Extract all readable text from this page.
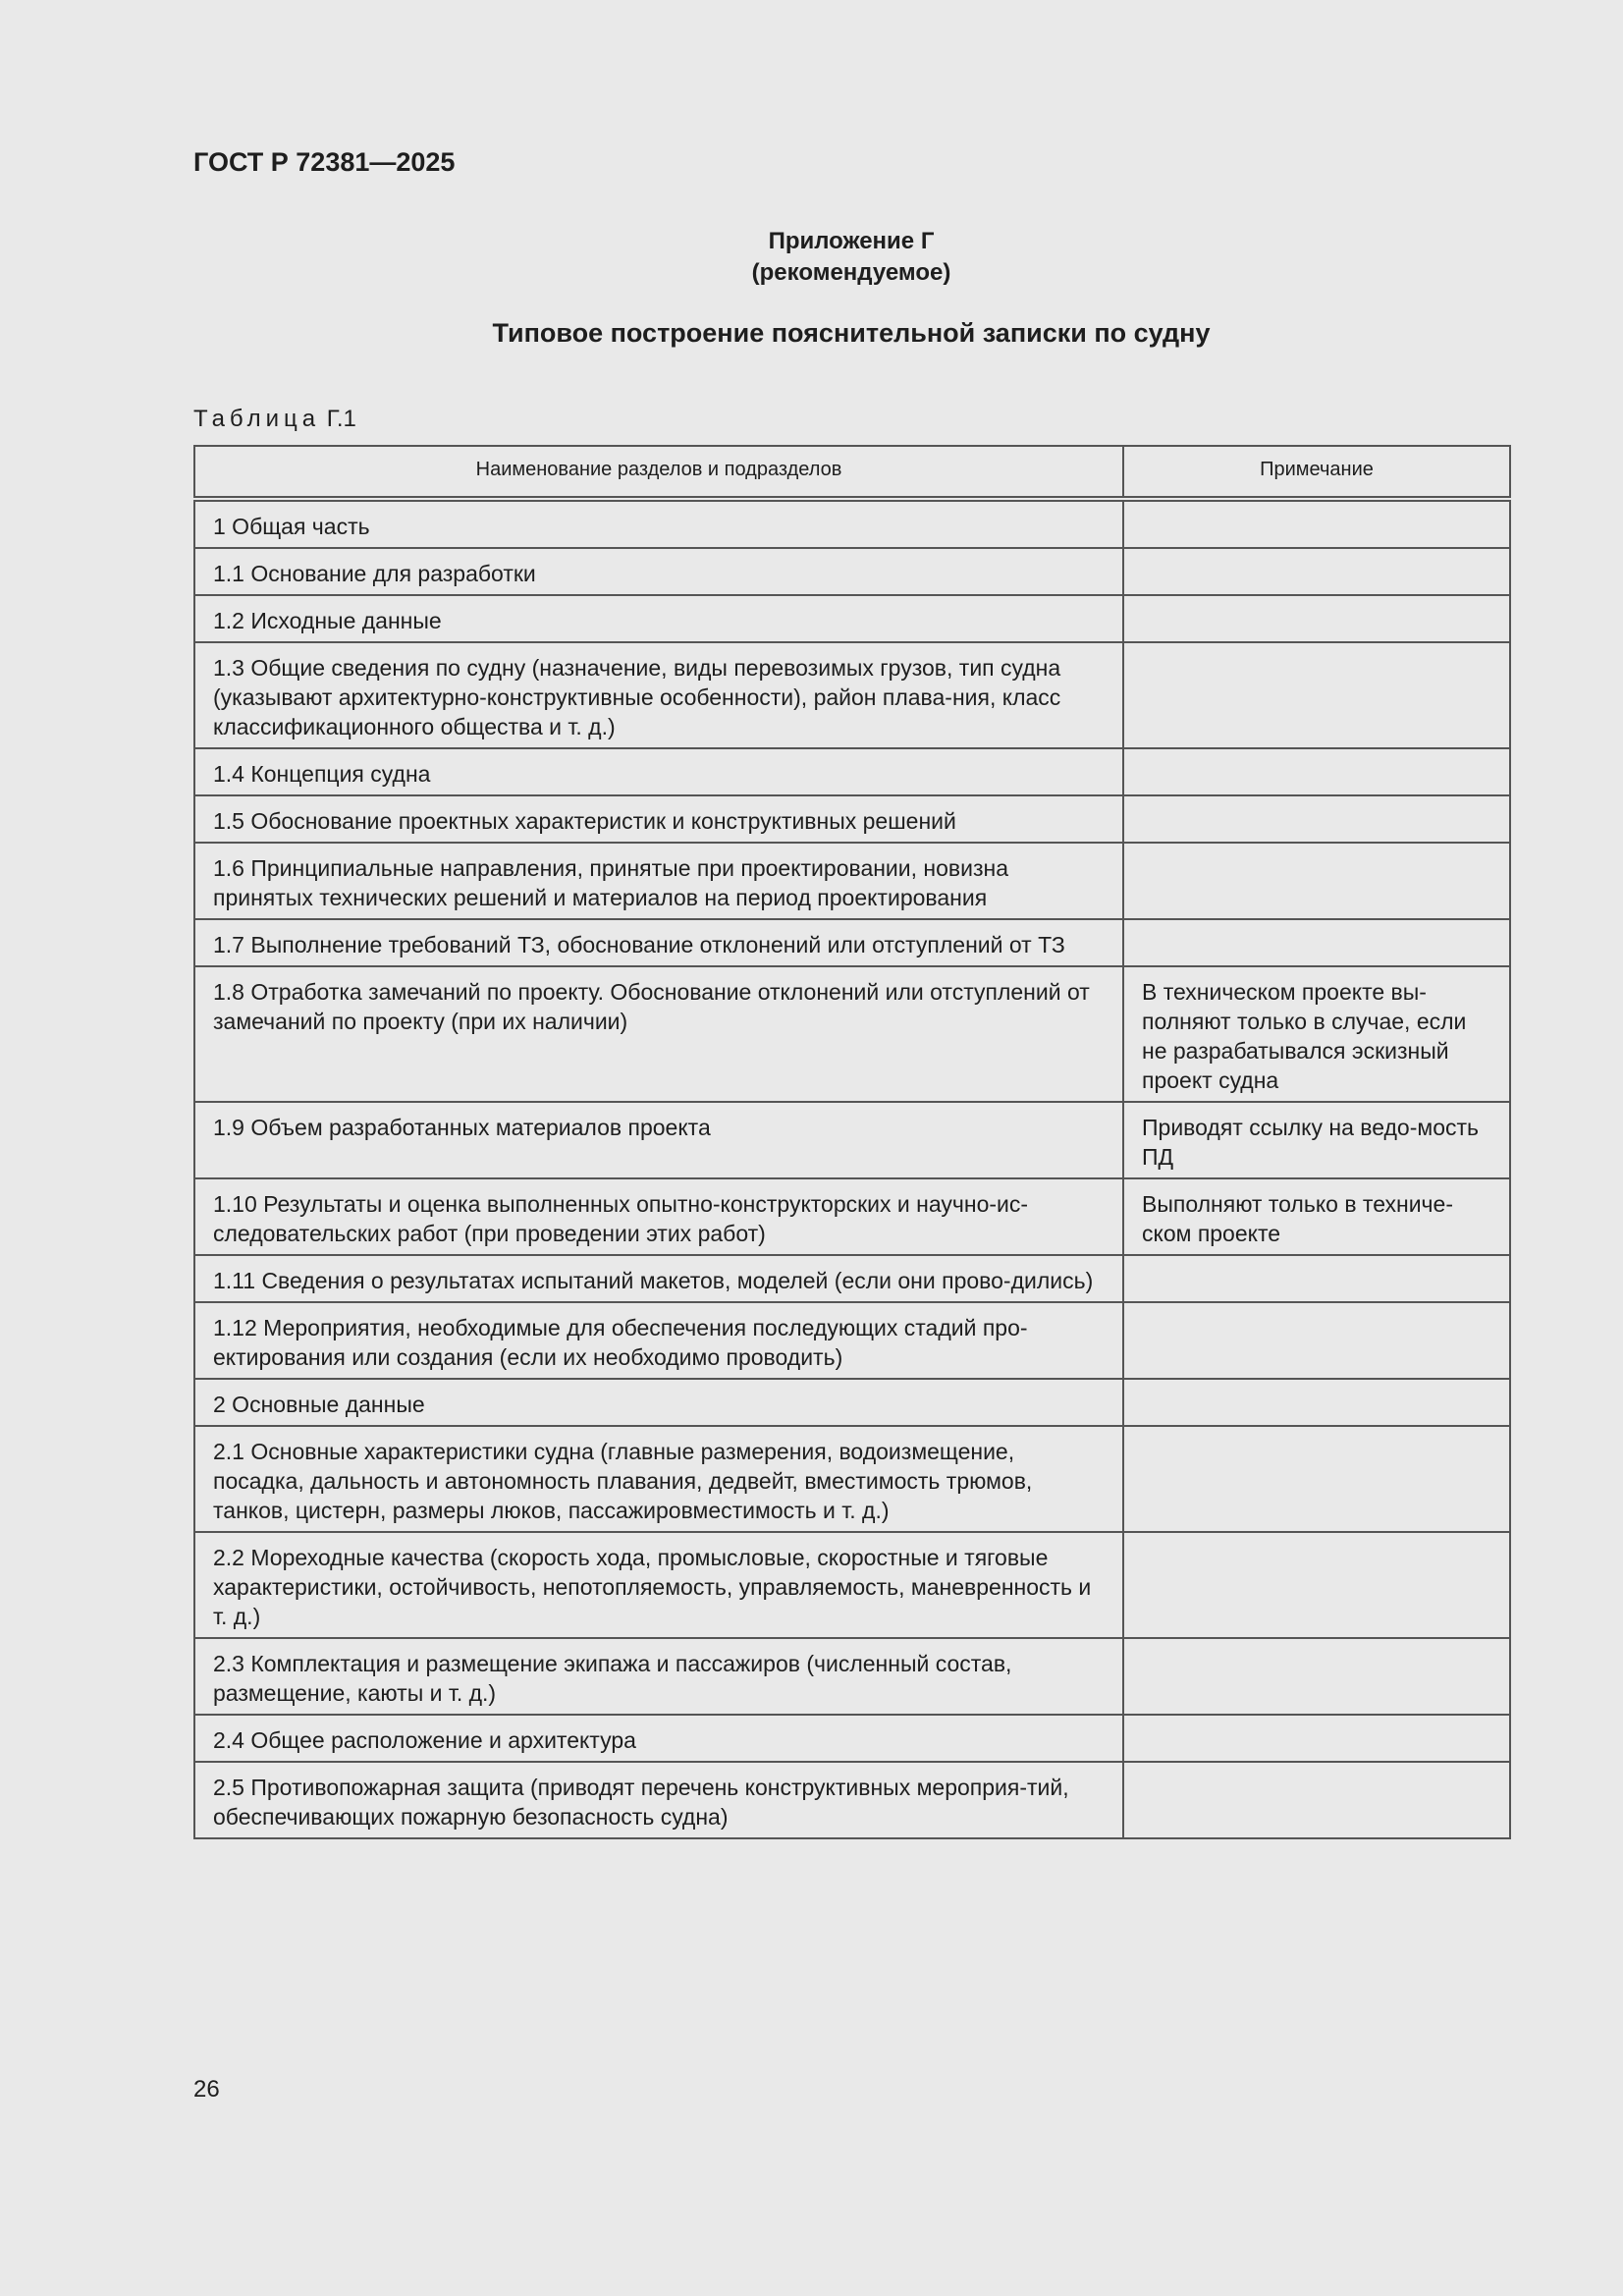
ГОСТ Р 72381—2025
Приложение Г
(рекомендуемое)
Типовое построение пояснительной записки по судну

Таблица Г.1

Наименование разделов и подразделов	Примечание
1 Общая часть	
1.1 Основание для разработки	
1.2 Исходные данные	
1.3 Общие сведения по судну (назначение, виды перевозимых грузов, тип судна (указывают архитектурно-конструктивные особенности), район плава-ния, класс классификационного общества и т. д.)	
1.4 Концепция судна	
1.5 Обоснование проектных характеристик и конструктивных решений	
1.6 Принципиальные направления, принятые при проектировании, новизна принятых технических решений и материалов на период проектирования	
1.7 Выполнение требований ТЗ, обоснование отклонений или отступлений от ТЗ	
1.8 Отработка замечаний по проекту. Обоснование отклонений или отступлений от замечаний по проекту (при их наличии)	В техническом проекте вы-полняют только в случае, если не разрабатывался эскизный проект судна
1.9 Объем разработанных материалов проекта	Приводят ссылку на ведо-мость ПД
1.10 Результаты и оценка выполненных опытно-конструкторских и научно-ис-следовательских работ (при проведении этих работ)	Выполняют только в техниче-ском проекте
1.11 Сведения о результатах испытаний макетов, моделей (если они прово-дились)	
1.12 Мероприятия, необходимые для обеспечения последующих стадий про-ектирования или создания (если их необходимо проводить)	
2 Основные данные	
2.1 Основные характеристики судна (главные размерения, водоизмещение, посадка, дальность и автономность плавания, дедвейт, вместимость трюмов, танков, цистерн, размеры люков, пассажировместимость и т. д.)	
2.2 Мореходные качества (скорость хода, промысловые, скоростные и тяговые характеристики, остойчивость, непотопляемость, управляемость, маневренность и т. д.)	
2.3 Комплектация и размещение экипажа и пассажиров (численный состав, размещение, каюты и т. д.)	
2.4 Общее расположение и архитектура	
2.5 Противопожарная защита (приводят перечень конструктивных мероприя-тий, обеспечивающих пожарную безопасность судна)	

26
